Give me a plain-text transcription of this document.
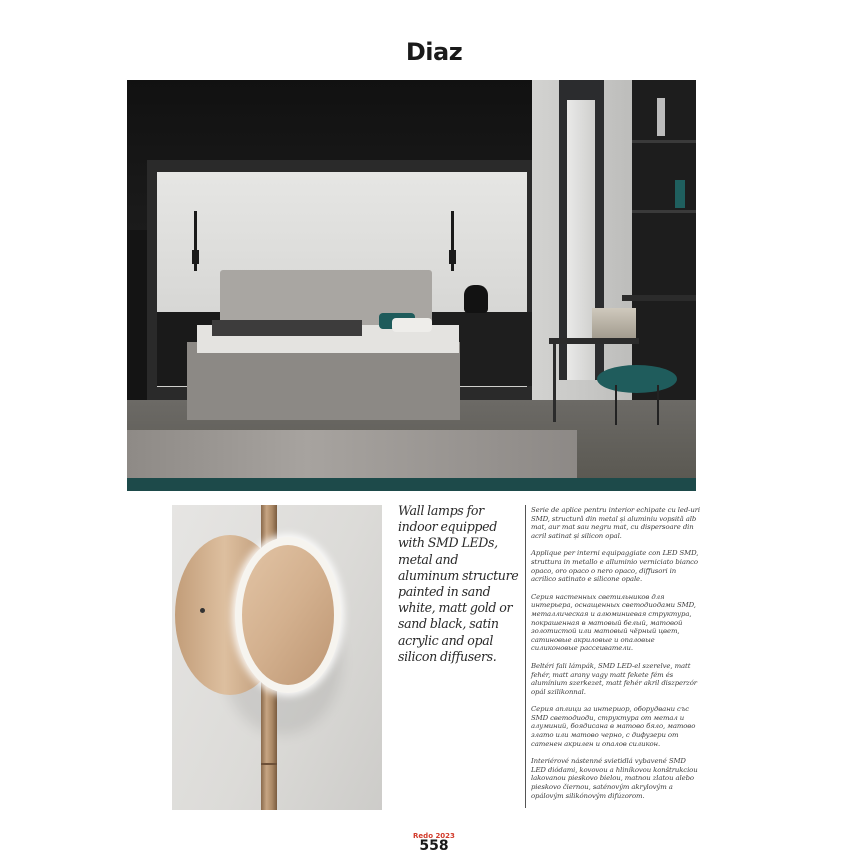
Diaz
Wall lamps for indoor equipped with SMD LEDs, metal and aluminum structure painted in sand white, matt gold or sand black, satin acrylic and opal silicon diffusers.

Serie de aplice pentru interior echipate cu led-uri SMD, structură din metal și aluminiu vopsită alb mat, aur mat sau negru mat, cu dispersoare din acril satinat și silicon opal.

Applique per interni equipaggiate con LED SMD, struttura in metallo e alluminio verniciato bianco opaco, oro opaco o nero opaco, diffusori in acrilico satinato e silicone opale.

Серия настенных светильников для интерьера, оснащенных светодиодами SMD, металлическая и алюминиевая структура, покрашенная в матовый белый, матовой золотистой или матовый чёрный цвет, сатиновые акриловые и опаловые силиконовые рассеиватели.

Beltéri fali lámpák, SMD LED-el szerelve, matt fehér, matt arany vagy matt fekete fém és alumínium szerkezet, matt fehér akril diszperzór opál szilikonnal.

Серия аплици за интериор, оборудвани със SMD светодиоди, структура от метал и алуминий, боядисана в матово бяло, матово злато или матово черно, с дифузери от сатенен акрилен и опалов силикон.

Interiérové nástenné svietidlá vybavené SMD LED diódami, kovovou a hliníkovou konštrukciou lakovanou pieskovo bielou, matnou zlatou alebo pieskovo čiernou, saténovým akrylovým a opálovým silikónovým difúzorom.

Redo 2023
558
